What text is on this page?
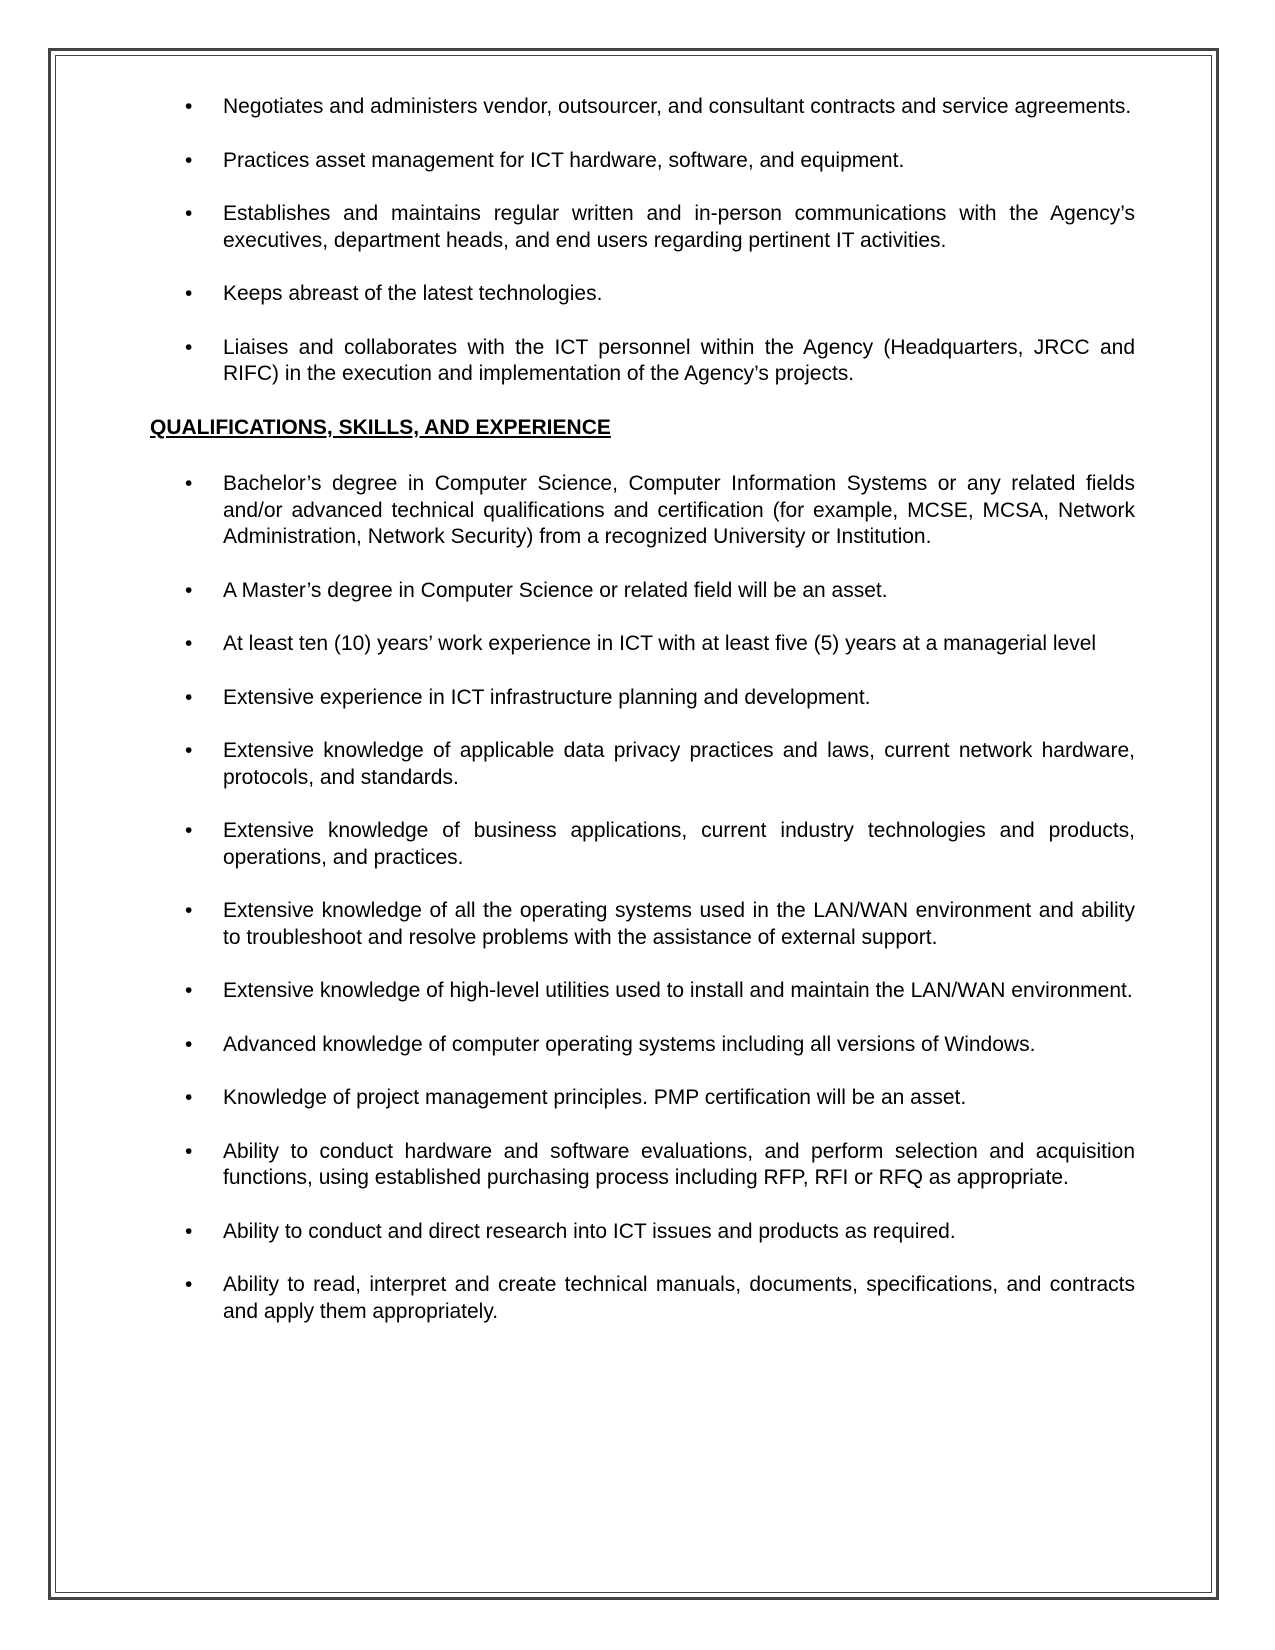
• Negotiates and administers vendor, outsourcer, and consultant contracts and service agreements.
• Practices asset management for ICT hardware, software, and equipment.
• Establishes and maintains regular written and in-person communications with the Agency’s executives, department heads, and end users regarding pertinent IT activities.
• Keeps abreast of the latest technologies.
• Liaises and collaborates with the ICT personnel within the Agency (Headquarters, JRCC and RIFC) in the execution and implementation of the Agency’s projects.
QUALIFICATIONS, SKILLS, AND EXPERIENCE
• Bachelor’s degree in Computer Science, Computer Information Systems or any related fields and/or advanced technical qualifications and certification (for example, MCSE, MCSA, Network Administration, Network Security) from a recognized University or Institution.
• A Master’s degree in Computer Science or related field will be an asset.
• At least ten (10) years’ work experience in ICT with at least five (5) years at a managerial level
• Extensive experience in ICT infrastructure planning and development.
• Extensive knowledge of applicable data privacy practices and laws, current network hardware, protocols, and standards.
• Extensive knowledge of business applications, current industry technologies and products, operations, and practices.
• Extensive knowledge of all the operating systems used in the LAN/WAN environment and ability to troubleshoot and resolve problems with the assistance of external support.
• Extensive knowledge of high-level utilities used to install and maintain the LAN/WAN environment.
• Advanced knowledge of computer operating systems including all versions of Windows.
• Knowledge of project management principles. PMP certification will be an asset.
• Ability to conduct hardware and software evaluations, and perform selection and acquisition functions, using established purchasing process including RFP, RFI or RFQ as appropriate.
• Ability to conduct and direct research into ICT issues and products as required.
• Ability to read, interpret and create technical manuals, documents, specifications, and contracts and apply them appropriately.
